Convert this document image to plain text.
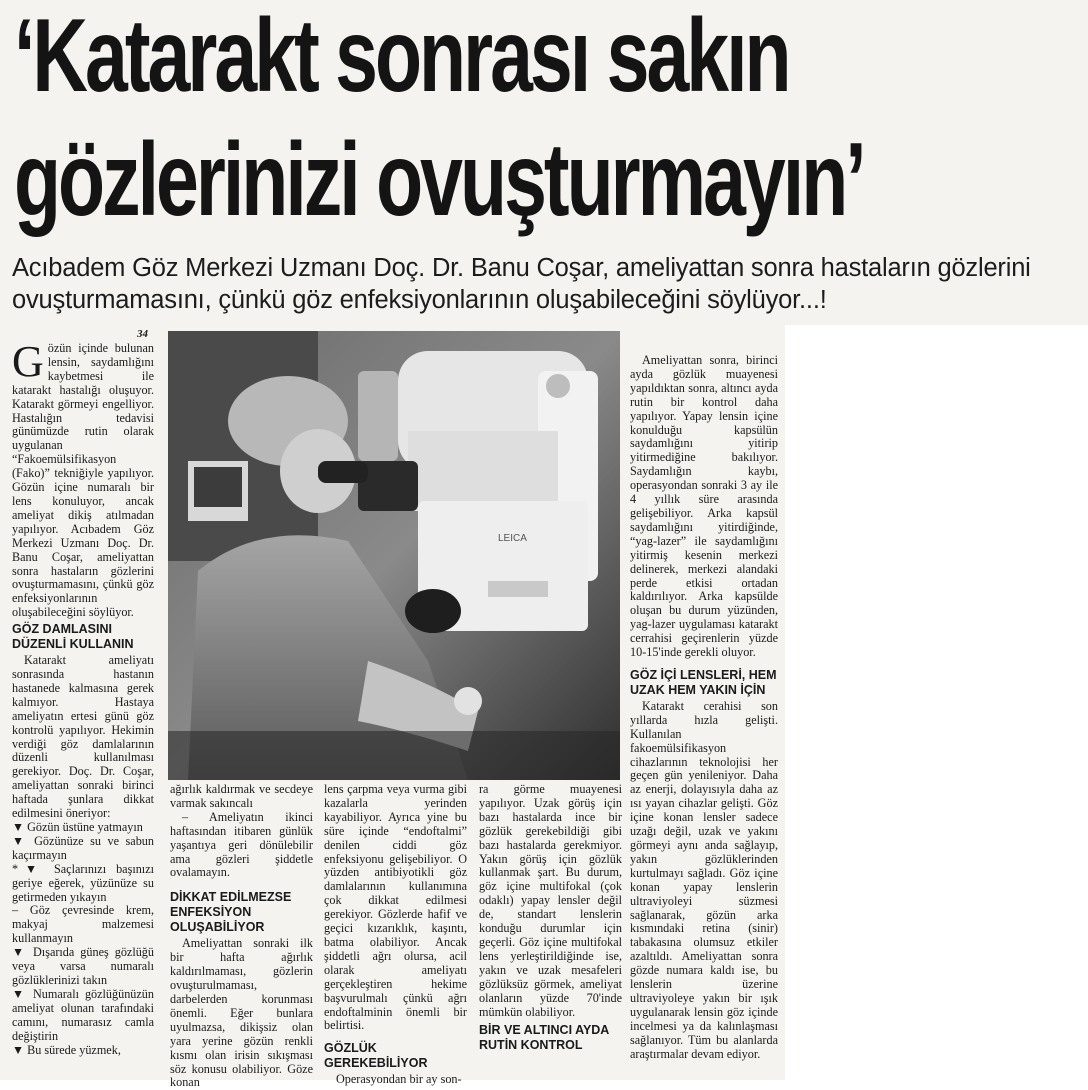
‘Katarakt sonrası sakın
gözlerinizi ovuşturmayın’
Acıbadem Göz Merkezi Uzmanı Doç. Dr. Banu Coşar, ameliyattan sonra hastaların gözlerini ovuşturmamasını, çünkü göz enfeksiyonlarının oluşabileceğini söylüyor...!
34

Gözün içinde bulunan lensin, saydamlığını kaybetmesi ile katarakt hastalığı oluşuyor. Katarakt görmeyi engelliyor. Hastalığın tedavisi günümüzde rutin olarak uygulanan “Fakoemülsifikasyon (Fako)” tekniğiyle yapılıyor. Gözün içine numaralı bir lens konuluyor, ancak ameliyat dikiş atılmadan yapılıyor. Acıbadem Göz Merkezi Uzmanı Doç. Dr. Banu Coşar, ameliyattan sonra hastaların gözlerini ovuşturmamasını, çünkü göz enfeksiyonlarının oluşabileceğini söylüyor.

GÖZ DAMLASINI DÜZENLİ KULLANIN

Katarakt ameliyatı sonrasında hastanın hastanede kalmasına gerek kalmıyor. Hastaya ameliyatın ertesi günü göz kontrolü yapılıyor. Hekimin verdiği göz damlalarının düzenli kullanılması gerekiyor. Doç. Dr. Coşar, ameliyattan sonraki birinci haftada şunlara dikkat edilmesini öneriyor:

▼ Gözün üstüne yatmayın

▼ Gözünüze su ve sabun kaçırmayın

*▼ Saçlarınızı başınızı geriye eğerek, yüzünüze su getirmeden yıkayın

– Göz çevresinde krem, makyaj malzemesi kullanmayın

▼ Dışarıda güneş gözlüğü veya varsa numaralı gözlüklerinizi takın

▼ Numaralı gözlüğünüzün ameliyat olunan tarafındaki camını, numarasız camla değiştirin

▼ Bu sürede yüzmek,

LEICA

ağırlık kaldırmak ve secdeye varmak sakıncalı

– Ameliyatın ikinci haftasından itibaren günlük yaşantıya geri dönülebilir ama gözleri şiddetle ovalamayın.

DİKKAT EDİLMEZSE ENFEKSİYON OLUŞABİLİYOR

Ameliyattan sonraki ilk bir hafta ağırlık kaldırılmaması, gözlerin ovuşturulmaması, darbelerden korunması önemli. Eğer bunlara uyulmazsa, dikişsiz olan yara yerine gözün renkli kısmı olan irisin sıkışması söz konusu olabiliyor. Göze konan

lens çarpma veya vurma gibi kazalarla yerinden kayabiliyor. Ayrıca yine bu süre içinde “endoftalmi” denilen ciddi göz enfeksiyonu gelişebiliyor. O yüzden antibiyotikli göz damlalarının kullanımına çok dikkat edilmesi gerekiyor. Gözlerde hafif ve geçici kızarıklık, kaşıntı, batma olabiliyor. Ancak şiddetli ağrı olursa, acil olarak ameliyatı gerçekleştiren hekime başvurulmalı çünkü ağrı endoftalminin önemli bir belirtisi.

GÖZLÜK GEREKEBİLİYOR

Operasyondan bir ay son-

ra görme muayenesi yapılıyor. Uzak görüş için bazı hastalarda ince bir gözlük gerekebildiği gibi bazı hastalarda gerekmiyor. Yakın görüş için gözlük kullanmak şart. Bu durum, göz içine multifokal (çok odaklı) yapay lensler değil de, standart lenslerin konduğu durumlar için geçerli. Göz içine multifokal lens yerleştirildiğinde ise, yakın ve uzak mesafeleri gözlüksüz görmek, ameliyat olanların yüzde 70'inde mümkün olabiliyor.

BİR VE ALTINCI AYDA RUTİN KONTROL

Ameliyattan sonra, birinci ayda gözlük muayenesi yapıldıktan sonra, altıncı ayda rutin bir kontrol daha yapılıyor. Yapay lensin içine konulduğu kapsülün saydamlığını yitirip yitirmediğine bakılıyor. Saydamlığın kaybı, operasyondan sonraki 3 ay ile 4 yıllık süre arasında gelişebiliyor. Arka kapsül saydamlığını yitirdiğinde, “yag-lazer” ile saydamlığını yitirmiş kesenin merkezi delinerek, merkezi alandaki perde etkisi ortadan kaldırılıyor. Arka kapsülde oluşan bu durum yüzünden, yag-lazer uygulaması katarakt cerrahisi geçirenlerin yüzde 10-15'inde gerekli oluyor.

GÖZ İÇİ LENSLERİ, HEM UZAK HEM YAKIN İÇİN

Katarakt cerahisi son yıllarda hızla gelişti. Kullanılan fakoemülsifikasyon cihazlarının teknolojisi her geçen gün yenileniyor. Daha az enerji, dolayısıyla daha az ısı yayan cihazlar gelişti. Göz içine konan lensler sadece uzağı değil, uzak ve yakını görmeyi aynı anda sağlayıp, yakın gözlüklerinden kurtulmayı sağladı. Göz içine konan yapay lenslerin ultraviyoleyi süzmesi sağlanarak, gözün arka kısmındaki retina (sinir) tabakasına olumsuz etkiler azaltıldı. Ameliyattan sonra gözde numara kaldı ise, bu lenslerin üzerine ultraviyoleye yakın bir ışık uygulanarak lensin göz içinde incelmesi ya da kalınlaşması sağlanıyor. Tüm bu alanlarda araştırmalar devam ediyor.
